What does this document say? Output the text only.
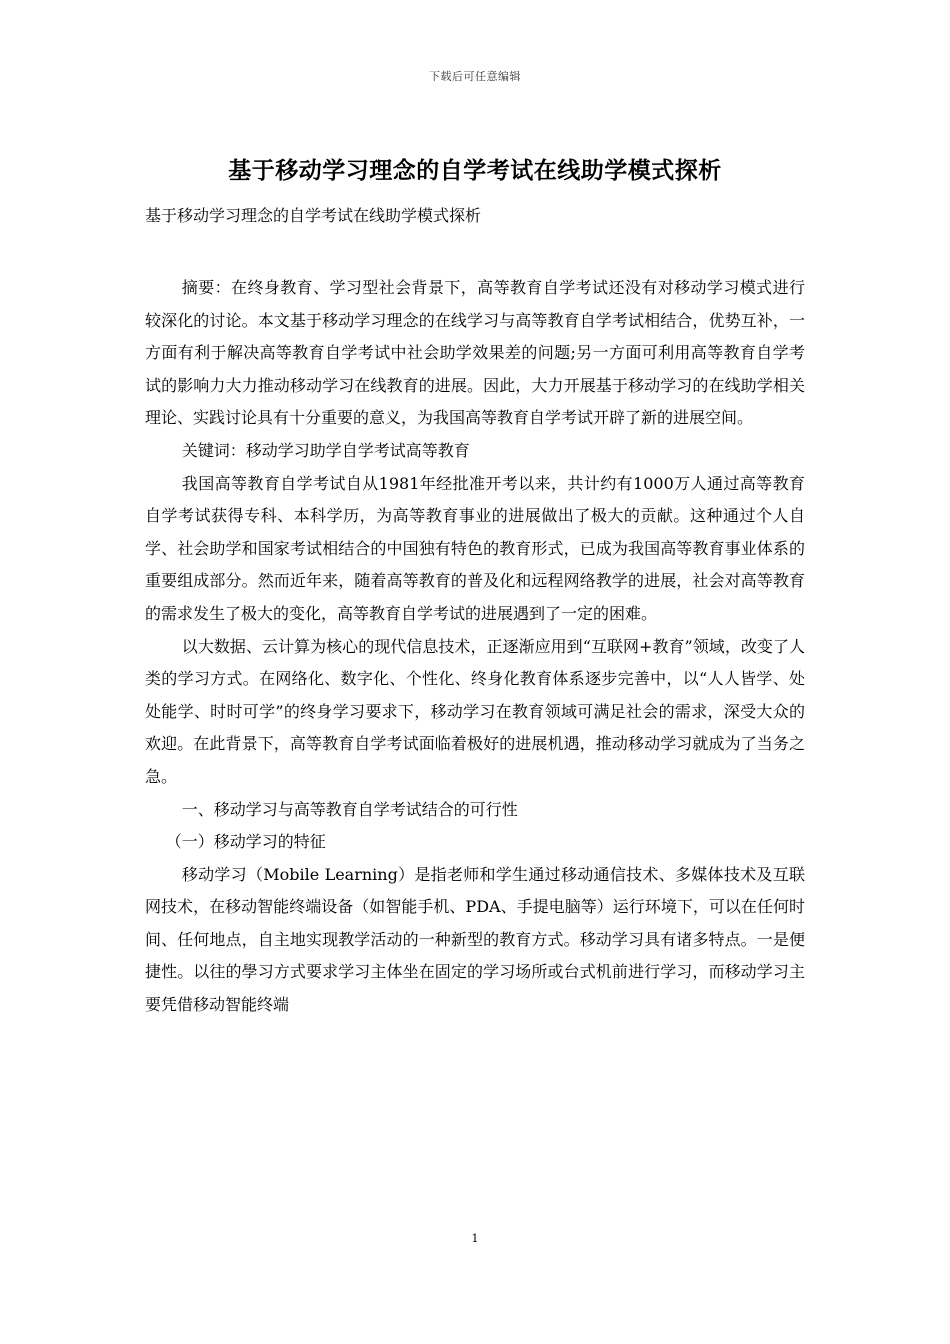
下载后可任意编辑
基于移动学习理念的自学考试在线助学模式探析
基于移动学习理念的自学考试在线助学模式探析

摘要：在终身教育、学习型社会背景下，高等教育自学考试还没有对移动学习模式进行较深化的讨论。本文基于移动学习理念的在线学习与高等教育自学考试相结合，优势互补，一方面有利于解决高等教育自学考试中社会助学效果差的问题;另一方面可利用高等教育自学考试的影响力大力推动移动学习在线教育的进展。因此，大力开展基于移动学习的在线助学相关理论、实践讨论具有十分重要的意义，为我国高等教育自学考试开辟了新的进展空间。

关键词：移动学习助学自学考试高等教育

我国高等教育自学考试自从1981年经批准开考以来，共计约有1000万人通过高等教育自学考试获得专科、本科学历，为高等教育事业的进展做出了极大的贡献。这种通过个人自学、社会助学和国家考试相结合的中国独有特色的教育形式，已成为我国高等教育事业体系的重要组成部分。然而近年来，随着高等教育的普及化和远程网络教学的进展，社会对高等教育的需求发生了极大的变化，高等教育自学考试的进展遇到了一定的困难。

以大数据、云计算为核心的现代信息技术，正逐渐应用到“互联网+教育”领域，改变了人类的学习方式。在网络化、数字化、个性化、终身化教育体系逐步完善中，以“人人皆学、处处能学、时时可学”的终身学习要求下，移动学习在教育领域可满足社会的需求，深受大众的欢迎。在此背景下，高等教育自学考试面临着极好的进展机遇，推动移动学习就成为了当务之急。

一、移动学习与高等教育自学考试结合的可行性

（一）移动学习的特征

移动学习（Mobile Learning）是指老师和学生通过移动通信技术、多媒体技术及互联网技术，在移动智能终端设备（如智能手机、PDA、手提电脑等）运行环境下，可以在任何时间、任何地点，自主地实现教学活动的一种新型的教育方式。移动学习具有诸多特点。一是便捷性。以往的學习方式要求学习主体坐在固定的学习场所或台式机前进行学习，而移动学习主要凭借移动智能终端

1
